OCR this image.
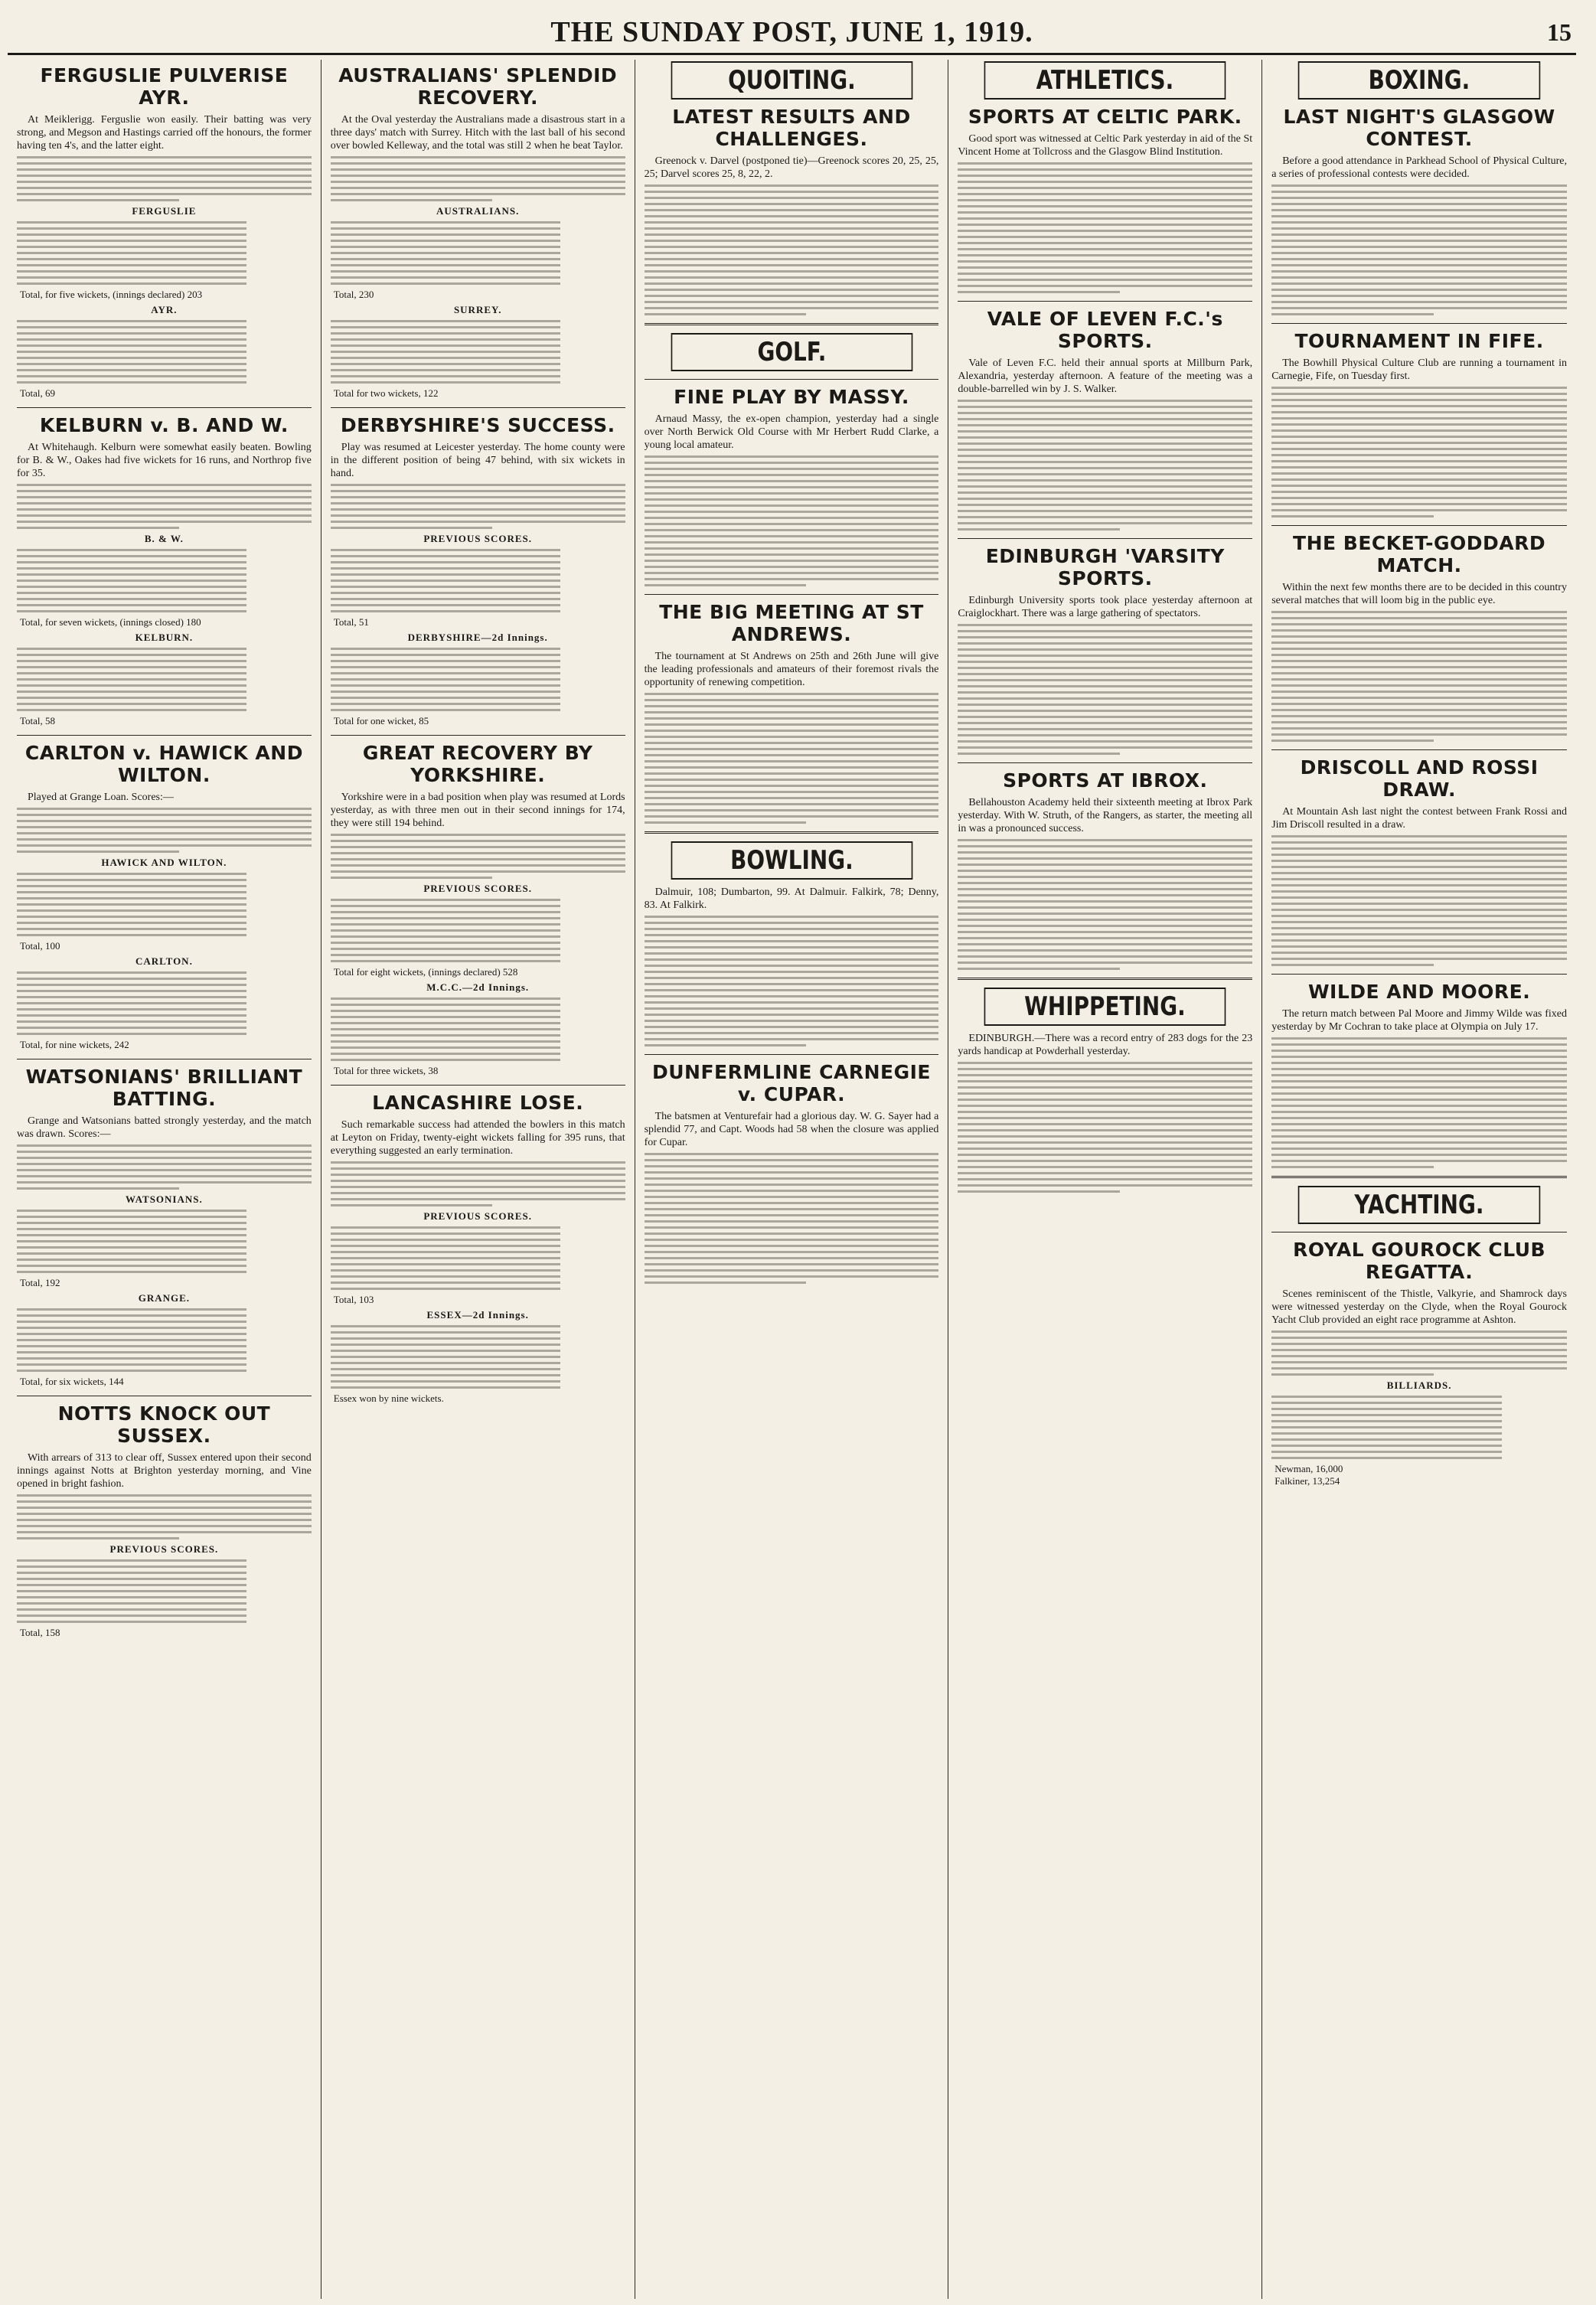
THE SUNDAY POST, JUNE 1, 1919.	15
FERGUSLIE PULVERISE AYR.
At Meiklerigg. Ferguslie won easily. Their batting was very strong, and Megson and Hastings carried off the honours, the former having ten 4's, and the latter eight.
FERGUSLIE
Total, for five wickets, (innings declared) 203
AYR.
Total, 69
KELBURN v. B. AND W.
At Whitehaugh. Kelburn were somewhat easily beaten. Bowling for B. & W., Oakes had five wickets for 16 runs, and Northrop five for 35.
B. & W.
Total, for seven wickets, (innings closed) 180
KELBURN.
Total, 58
CARLTON v. HAWICK AND WILTON.
Played at Grange Loan. Scores:—
HAWICK AND WILTON.
Total, 100
CARLTON.
Total, for nine wickets, 242
WATSONIANS' BRILLIANT BATTING.
Grange and Watsonians batted strongly yesterday, and the match was drawn. Scores:—
WATSONIANS.
Total, 192
GRANGE.
Total, for six wickets, 144
NOTTS KNOCK OUT SUSSEX.
With arrears of 313 to clear off, Sussex entered upon their second innings against Notts at Brighton yesterday morning, and Vine opened in bright fashion.
PREVIOUS SCORES.
Total, 158
AUSTRALIANS' SPLENDID RECOVERY.
At the Oval yesterday the Australians made a disastrous start in a three days' match with Surrey. Hitch with the last ball of his second over bowled Kelleway, and the total was still 2 when he beat Taylor.
AUSTRALIANS.
Total, 230
SURREY.
Total for two wickets, 122
DERBYSHIRE'S SUCCESS.
Play was resumed at Leicester yesterday. The home county were in the different position of being 47 behind, with six wickets in hand.
PREVIOUS SCORES.
Total, 51
DERBYSHIRE—2d Innings.
Total for one wicket, 85
GREAT RECOVERY BY YORKSHIRE.
Yorkshire were in a bad position when play was resumed at Lords yesterday, as with three men out in their second innings for 174, they were still 194 behind.
PREVIOUS SCORES.
Total for eight wickets, (innings declared) 528
M.C.C.—2d Innings.
Total for three wickets, 38
LANCASHIRE LOSE.
Such remarkable success had attended the bowlers in this match at Leyton on Friday, twenty-eight wickets falling for 395 runs, that everything suggested an early termination.
PREVIOUS SCORES.
Total, 103
ESSEX—2d Innings.
Essex won by nine wickets.
QUOITING.
LATEST RESULTS AND CHALLENGES.
Greenock v. Darvel (postponed tie)—Greenock scores 20, 25, 25, 25; Darvel scores 25, 8, 22, 2.
GOLF.
FINE PLAY BY MASSY.
Arnaud Massy, the ex-open champion, yesterday had a single over North Berwick Old Course with Mr Herbert Rudd Clarke, a young local amateur.
THE BIG MEETING AT ST ANDREWS.
The tournament at St Andrews on 25th and 26th June will give the leading professionals and amateurs of their foremost rivals the opportunity of renewing competition.
BOWLING.
Dalmuir, 108; Dumbarton, 99. At Dalmuir. Falkirk, 78; Denny, 83. At Falkirk.
DUNFERMLINE CARNEGIE v. CUPAR.
The batsmen at Venturefair had a glorious day. W. G. Sayer had a splendid 77, and Capt. Woods had 58 when the closure was applied for Cupar.
ATHLETICS.
SPORTS AT CELTIC PARK.
Good sport was witnessed at Celtic Park yesterday in aid of the St Vincent Home at Tollcross and the Glasgow Blind Institution.
VALE OF LEVEN F.C.'s SPORTS.
Vale of Leven F.C. held their annual sports at Millburn Park, Alexandria, yesterday afternoon. A feature of the meeting was a double-barrelled win by J. S. Walker.
EDINBURGH 'VARSITY SPORTS.
Edinburgh University sports took place yesterday afternoon at Craiglockhart. There was a large gathering of spectators.
SPORTS AT IBROX.
Bellahouston Academy held their sixteenth meeting at Ibrox Park yesterday. With W. Struth, of the Rangers, as starter, the meeting all in was a pronounced success.
WHIPPETING.
EDINBURGH.—There was a record entry of 283 dogs for the 23 yards handicap at Powderhall yesterday.
BOXING.
LAST NIGHT'S GLASGOW CONTEST.
Before a good attendance in Parkhead School of Physical Culture, a series of professional contests were decided.
TOURNAMENT IN FIFE.
The Bowhill Physical Culture Club are running a tournament in Carnegie, Fife, on Tuesday first.
THE BECKET-GODDARD MATCH.
Within the next few months there are to be decided in this country several matches that will loom big in the public eye.
DRISCOLL AND ROSSI DRAW.
At Mountain Ash last night the contest between Frank Rossi and Jim Driscoll resulted in a draw.
WILDE AND MOORE.
The return match between Pal Moore and Jimmy Wilde was fixed yesterday by Mr Cochran to take place at Olympia on July 17.
YACHTING.
ROYAL GOUROCK CLUB REGATTA.
Scenes reminiscent of the Thistle, Valkyrie, and Shamrock days were witnessed yesterday on the Clyde, when the Royal Gourock Yacht Club provided an eight race programme at Ashton.
BILLIARDS.
Newman, 16,000
Falkiner, 13,254
